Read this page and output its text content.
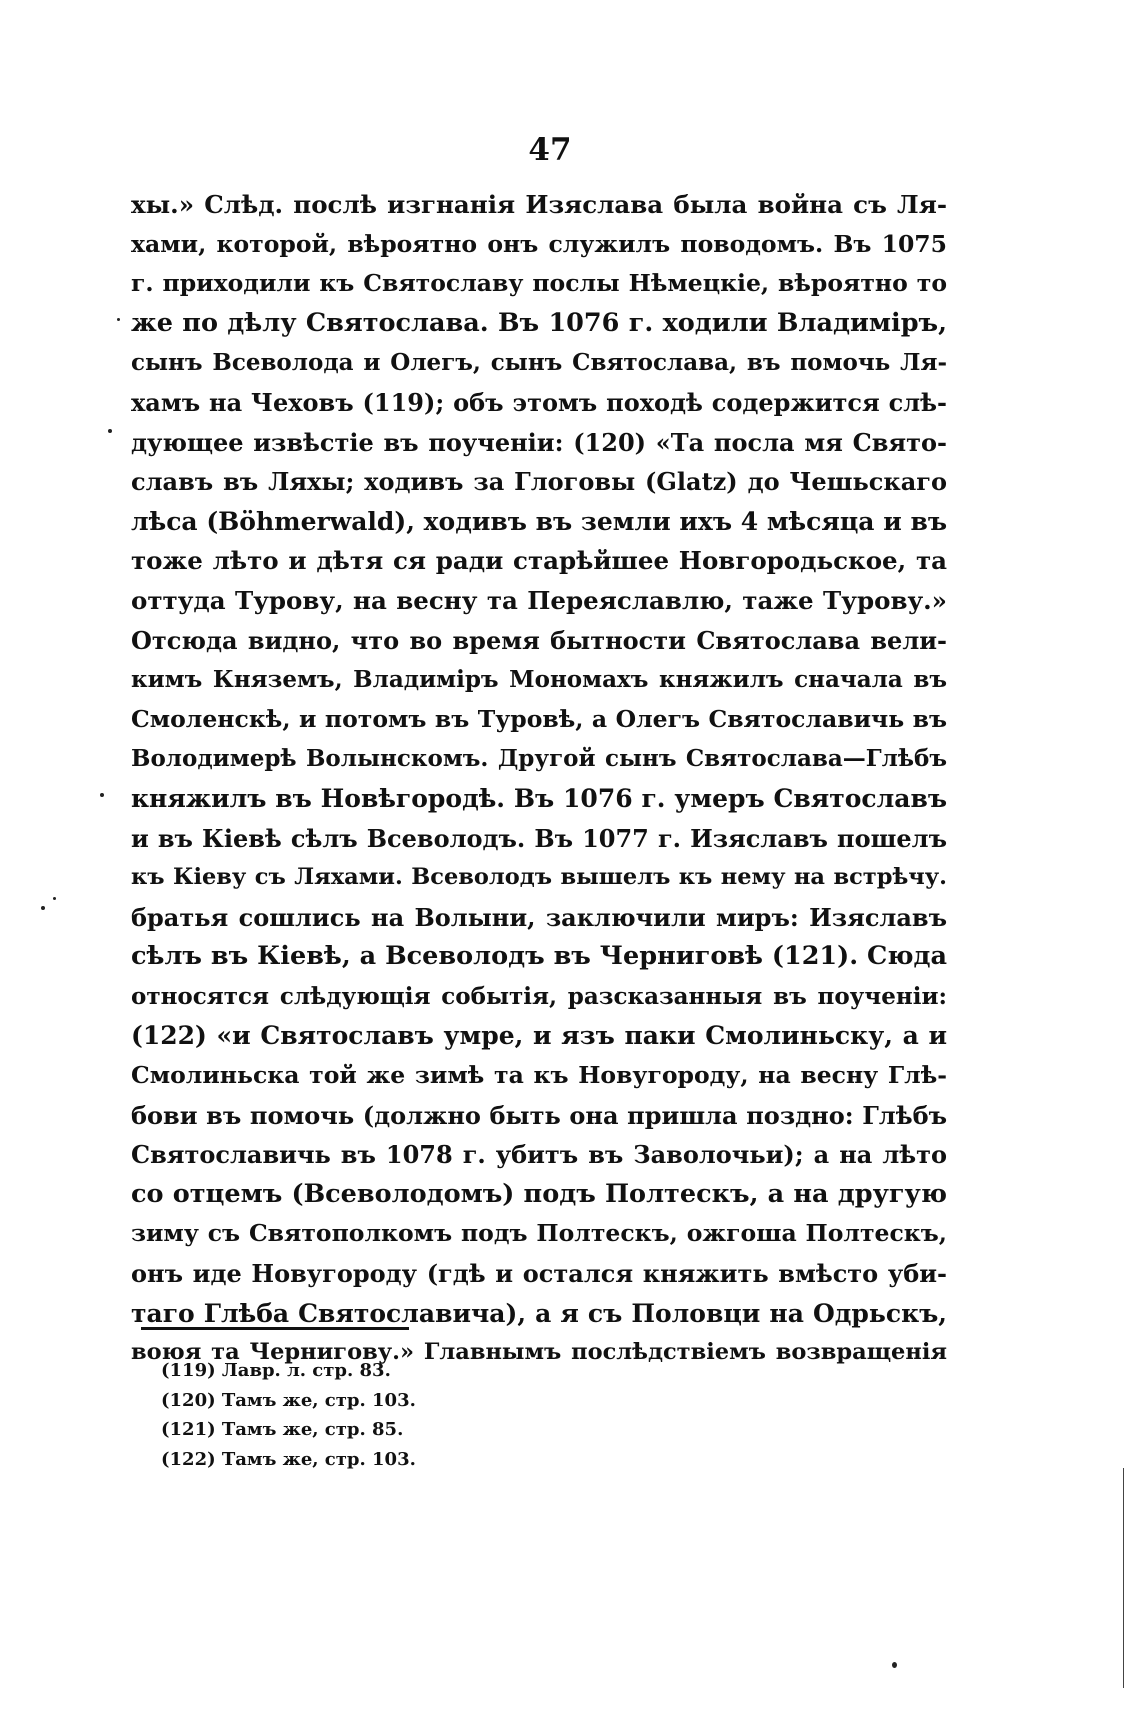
47
хы.» Слѣд. послѣ изгнанія Изяслава была война съ Ля-
хами, которой, вѣроятно онъ служилъ поводомъ. Въ 1075
г. приходили къ Святославу послы Нѣмецкіе, вѣроятно то
же по дѣлу Святослава. Въ 1076 г. ходили Владиміръ,
сынъ Всеволода и Олегъ, сынъ Святослава, въ помочь Ля-
хамъ на Чеховъ (119); объ этомъ походѣ содержится слѣ-
дующее извѣстіе въ поученіи: (120) «Та посла мя Свято-
славъ въ Ляхы; ходивъ за Глоговы (Glatz) до Чешьскаго
лѣса (Böhmerwald), ходивъ въ земли ихъ 4 мѣсяца и въ
тоже лѣто и дѣтя ся ради старѣйшее Новгородьское, та
оттуда Турову, на весну та Переяславлю, таже Турову.»
Отсюда видно, что во время бытности Святослава вели-
кимъ Княземъ, Владиміръ Мономахъ княжилъ сначала въ
Смоленскѣ, и потомъ въ Туровѣ, а Олегъ Святославичь въ
Володимерѣ Волынскомъ. Другой сынъ Святослава—Глѣбъ
княжилъ въ Новѣгородѣ. Въ 1076 г. умеръ Святославъ
и въ Кіевѣ сѣлъ Всеволодъ. Въ 1077 г. Изяславъ пошелъ
къ Кіеву съ Ляхами. Всеволодъ вышелъ къ нему на встрѣчу.
братья сошлись на Волыни, заключили миръ: Изяславъ
сѣлъ въ Кіевѣ, а Всеволодъ въ Черниговѣ (121). Сюда
относятся слѣдующія событія, разсказанныя въ поученіи:
(122) «и Святославъ умре, и язъ паки Смолиньску, а и
Смолиньска той же зимѣ та къ Новугороду, на весну Глѣ-
бови въ помочь (должно быть она пришла поздно: Глѣбъ
Святославичь въ 1078 г. убитъ въ Заволочьи); а на лѣто
со отцемъ (Всеволодомъ) подъ Полтескъ, а на другую
зиму съ Святополкомъ подъ Полтескъ, ожгоша Полтескъ,
онъ иде Новугороду (гдѣ и остался княжить вмѣсто уби-
таго Глѣба Святославича), а я съ Половци на Одрьскъ,
воюя та Чернигову.» Главнымъ послѣдствіемъ возвращенія
(119) Лавр. л. стр. 83.
(120) Тамъ же, стр. 103.
(121) Тамъ же, стр. 85.
(122) Тамъ же, стр. 103.
